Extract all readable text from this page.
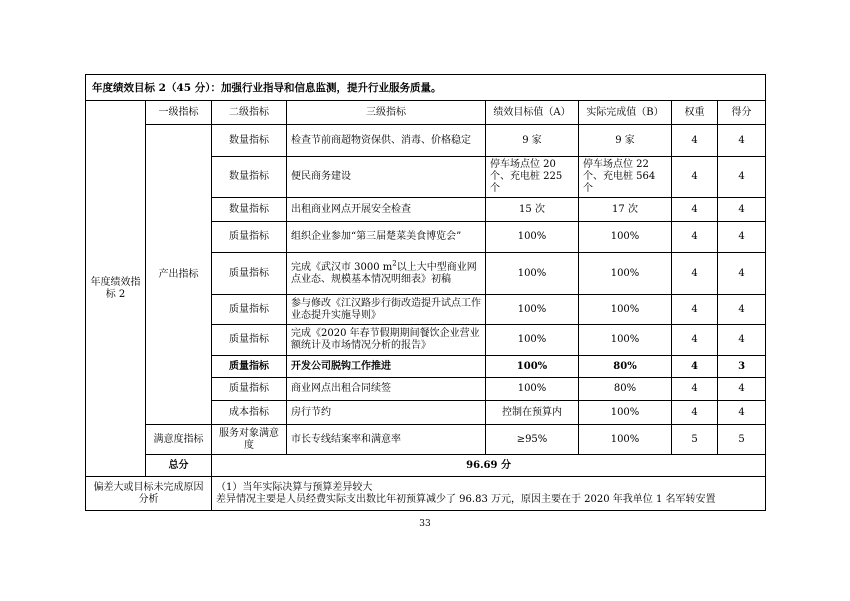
年度绩效目标 2（45 分）：加强行业指导和信息监测，提升行业服务质量。							
年度绩效指标 2	一级指标	二级指标	三级指标	绩效目标值（A）	实际完成值（B）	权重	得分
	产出指标	数量指标	检查节前商超物资保供、消毒、价格稳定	9 家	9 家	4	4
		数量指标	便民商务建设	停车场点位 20 个、充电桩 225 个	停车场点位 22 个、充电桩 564 个	4	4
		数量指标	出租商业网点开展安全检查	15 次	17 次	4	4
		质量指标	组织企业参加“第三届楚菜美食博览会”	100%	100%	4	4
		质量指标	完成《武汉市 3000 $m^2$以上大中型商业网点业态、规模基本情况明细表》初稿	100%	100%	4	4
		质量指标	参与修改《江汉路步行街改造提升试点工作业态提升实施导则》	100%	100%	4	4
		质量指标	完成《2020 年春节假期期间餐饮企业营业额统计及市场情况分析的报告》	100%	100%	4	4
		质量指标	开发公司脱钩工作推进	100%	80%	4	3
		质量指标	商业网点出租合同续签	100%	80%	4	4
		成本指标	房行节约	控制在预算内	100%	4	4
	满意度指标	服务对象满意度	市长专线结案率和满意率	≥95%	100%	5	5
	总分	96.69 分					
偏差大或目标未完成原因分析		（1）当年实际决算与预算差异较大
差异情况主要是人员经费实际支出数比年初预算减少了 96.83 万元，原因主要在于 2020 年我单位 1 名军转安置					
33
